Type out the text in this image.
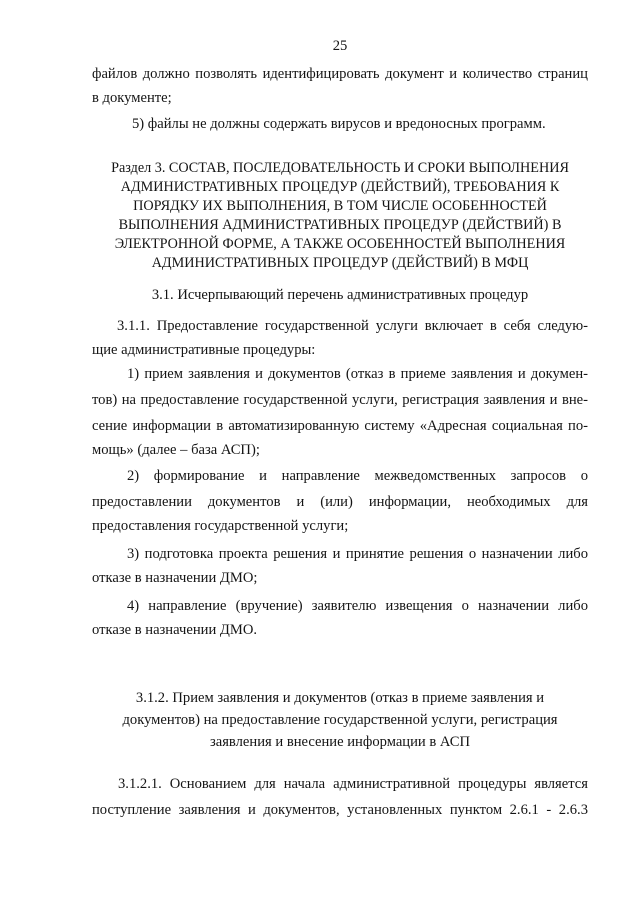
25
файлов должно позволять идентифицировать документ и количество страниц
в документе;
5) файлы не должны содержать вирусов и вредоносных программ.
Раздел 3. СОСТАВ, ПОСЛЕДОВАТЕЛЬНОСТЬ И СРОКИ ВЫПОЛНЕНИЯ
АДМИНИСТРАТИВНЫХ ПРОЦЕДУР (ДЕЙСТВИЙ), ТРЕБОВАНИЯ К
ПОРЯДКУ ИХ ВЫПОЛНЕНИЯ, В ТОМ ЧИСЛЕ ОСОБЕННОСТЕЙ
ВЫПОЛНЕНИЯ АДМИНИСТРАТИВНЫХ ПРОЦЕДУР (ДЕЙСТВИЙ) В
ЭЛЕКТРОННОЙ ФОРМЕ, А ТАКЖЕ ОСОБЕННОСТЕЙ ВЫПОЛНЕНИЯ
АДМИНИСТРАТИВНЫХ ПРОЦЕДУР (ДЕЙСТВИЙ) В МФЦ
3.1. Исчерпывающий перечень административных процедур
3.1.1. Предоставление государственной услуги включает в себя следую-
щие административные процедуры:
1) прием заявления и документов (отказ в приеме заявления и докумен-
тов) на предоставление государственной услуги, регистрация заявления и вне-
сение информации в автоматизированную систему «Адресная социальная по-
мощь» (далее – база АСП);
2) формирование и направление межведомственных запросов о
предоставлении документов и (или) информации, необходимых для
предоставления государственной услуги;
3) подготовка проекта решения и принятие решения о назначении либо
отказе в назначении ДМО;
4) направление (вручение) заявителю извещения о назначении либо
отказе в назначении ДМО.
3.1.2. Прием заявления и документов (отказ в приеме заявления и
документов) на предоставление государственной услуги, регистрация
заявления и внесение информации в АСП
3.1.2.1. Основанием для начала административной процедуры является
поступление заявления и документов, установленных пунктом 2.6.1 - 2.6.3
